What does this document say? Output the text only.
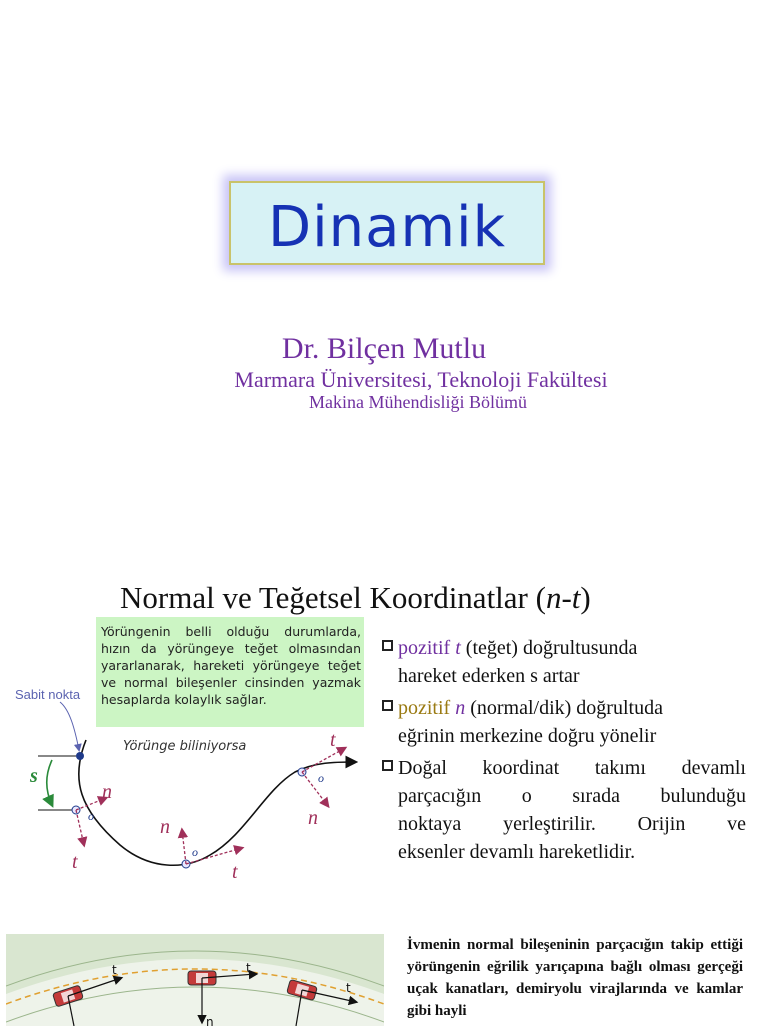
Dinamik
Dr. Bilçen Mutlu
Marmara Üniversitesi, Teknoloji Fakültesi
Makina Mühendisliği Bölümü
Normal ve Teğetsel Koordinatlar (n-t)
Yörüngenin belli olduğu durumlarda, hızın da yörüngeye teğet olmasından yararlanarak, hareketi yörüngeye teğet ve normal bileşenler cinsinden yazmak hesaplarda kolaylık sağlar.
Sabit nokta
Yörünge biliniyorsa
s
o
n
t	o
n
t
o
t
n
pozitif t (teğet) doğrultusunda
hareket ederken s artar
pozitif n (normal/dik) doğrultuda
eğrinin merkezine doğru yönelir
Doğal koordinat takımı devamlı
parçacığın o sırada bulunduğu
noktaya yerleştirilir. Orijin ve
eksenler devamlı hareketlidir.
t	t
t
n
İvmenin normal bileşeninin parçacığın takip ettiği yörüngenin eğrilik yarıçapına bağlı olması gerçeği uçak kanatları, demiryolu virajlarında ve kamlar gibi hayli
